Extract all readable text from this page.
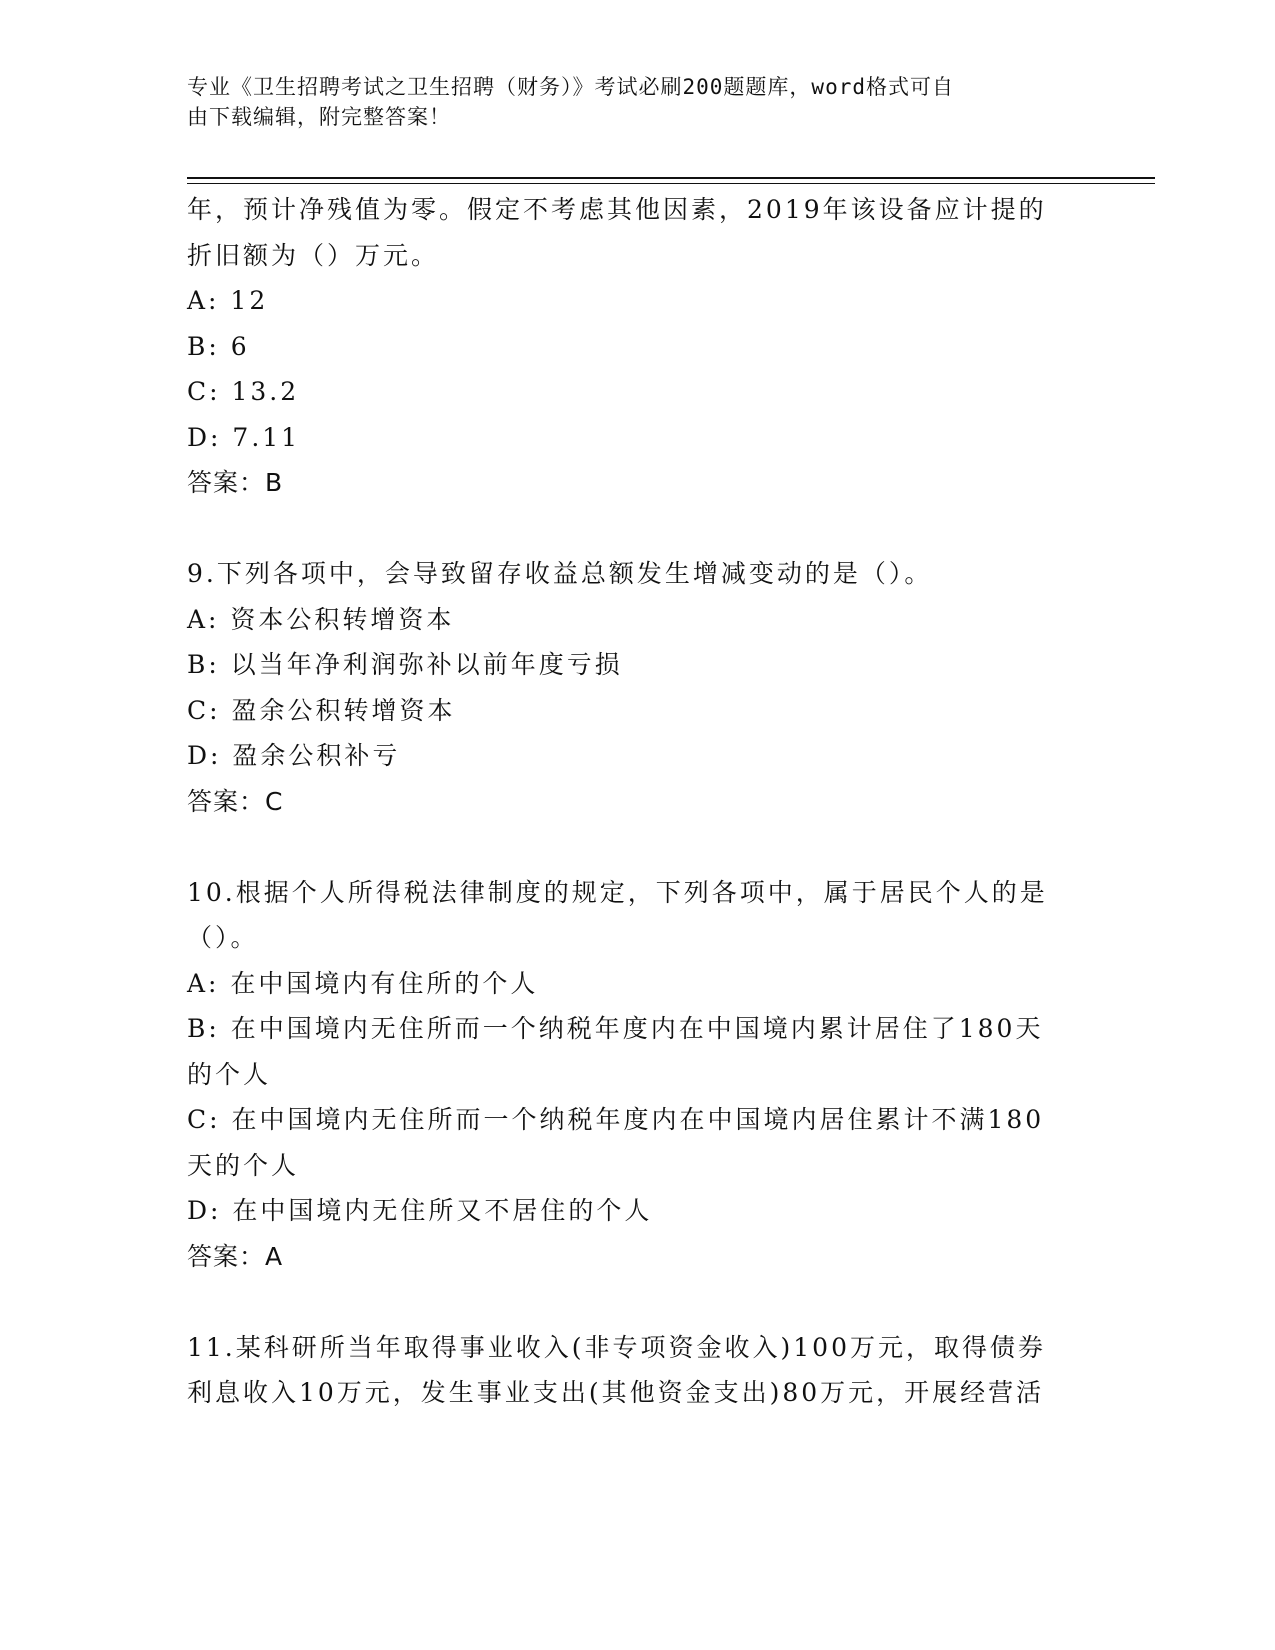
专业《卫生招聘考试之卫生招聘（财务）》考试必刷200题题库，word格式可自
由下载编辑，附完整答案！
年，预计净残值为零。假定不考虑其他因素，2019年该设备应计提的
折旧额为（）万元。
A: 12
B: 6
C: 13.2
D: 7.11
答案：B
9.下列各项中，会导致留存收益总额发生增减变动的是（）。
A: 资本公积转增资本
B: 以当年净利润弥补以前年度亏损
C: 盈余公积转增资本
D: 盈余公积补亏
答案：C
10.根据个人所得税法律制度的规定，下列各项中，属于居民个人的是
（）。
A: 在中国境内有住所的个人
B: 在中国境内无住所而一个纳税年度内在中国境内累计居住了180天
的个人
C: 在中国境内无住所而一个纳税年度内在中国境内居住累计不满180
天的个人
D: 在中国境内无住所又不居住的个人
答案：A
11.某科研所当年取得事业收入(非专项资金收入)100万元，取得债券
利息收入10万元，发生事业支出(其他资金支出)80万元，开展经营活
